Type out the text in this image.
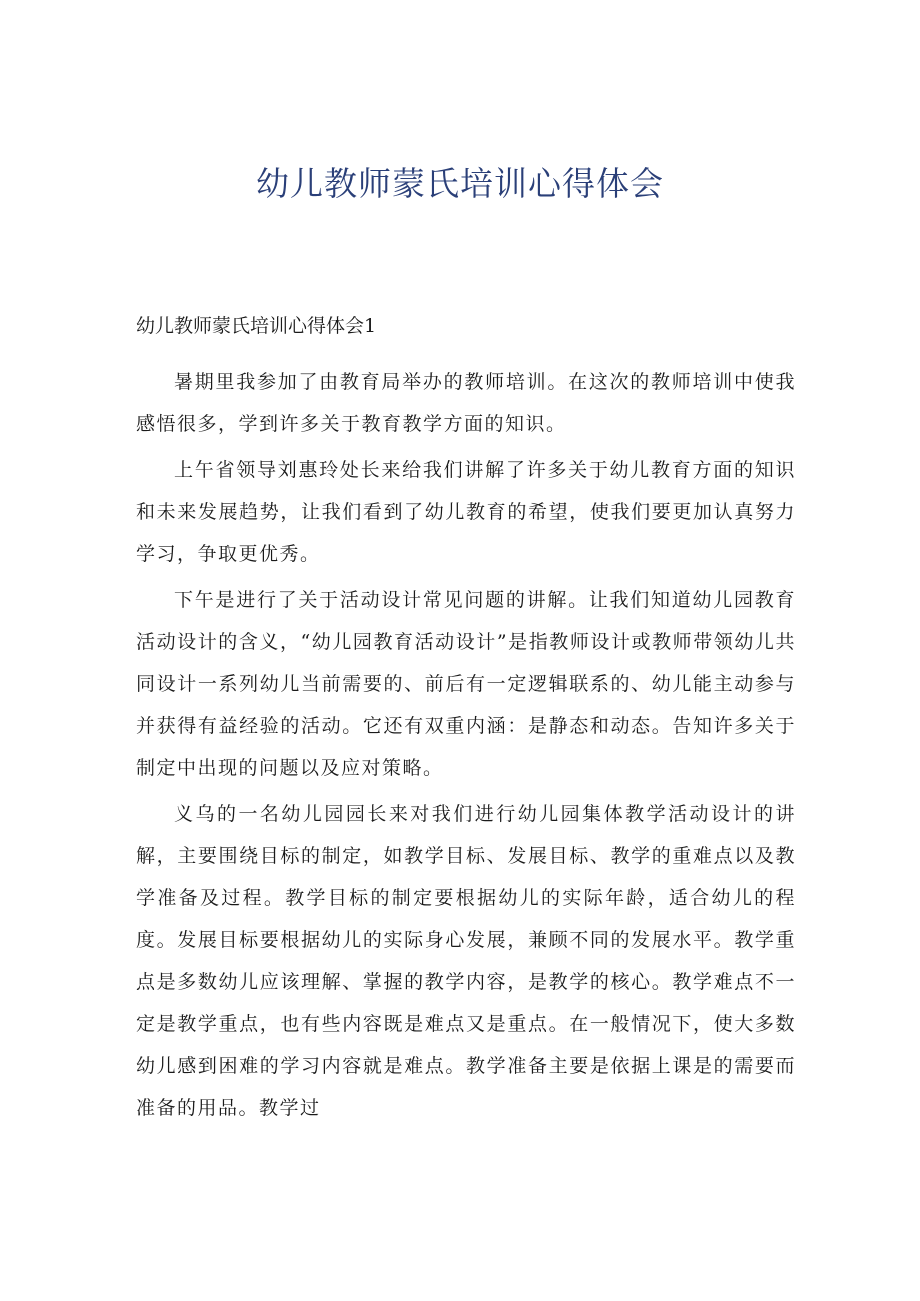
幼儿教师蒙氏培训心得体会
幼儿教师蒙氏培训心得体会1

暑期里我参加了由教育局举办的教师培训。在这次的教师培训中使我感悟很多，学到许多关于教育教学方面的知识。

上午省领导刘惠玲处长来给我们讲解了许多关于幼儿教育方面的知识和未来发展趋势，让我们看到了幼儿教育的希望，使我们要更加认真努力学习，争取更优秀。

下午是进行了关于活动设计常见问题的讲解。让我们知道幼儿园教育活动设计的含义，“幼儿园教育活动设计”是指教师设计或教师带领幼儿共同设计一系列幼儿当前需要的、前后有一定逻辑联系的、幼儿能主动参与并获得有益经验的活动。它还有双重内涵：是静态和动态。告知许多关于制定中出现的问题以及应对策略。

义乌的一名幼儿园园长来对我们进行幼儿园集体教学活动设计的讲解，主要围绕目标的制定，如教学目标、发展目标、教学的重难点以及教学准备及过程。教学目标的制定要根据幼儿的实际年龄，适合幼儿的程度。发展目标要根据幼儿的实际身心发展，兼顾不同的发展水平。教学重点是多数幼儿应该理解、掌握的教学内容，是教学的核心。教学难点不一定是教学重点，也有些内容既是难点又是重点。在一般情况下，使大多数幼儿感到困难的学习内容就是难点。教学准备主要是依据上课是的需要而准备的用品。教学过
